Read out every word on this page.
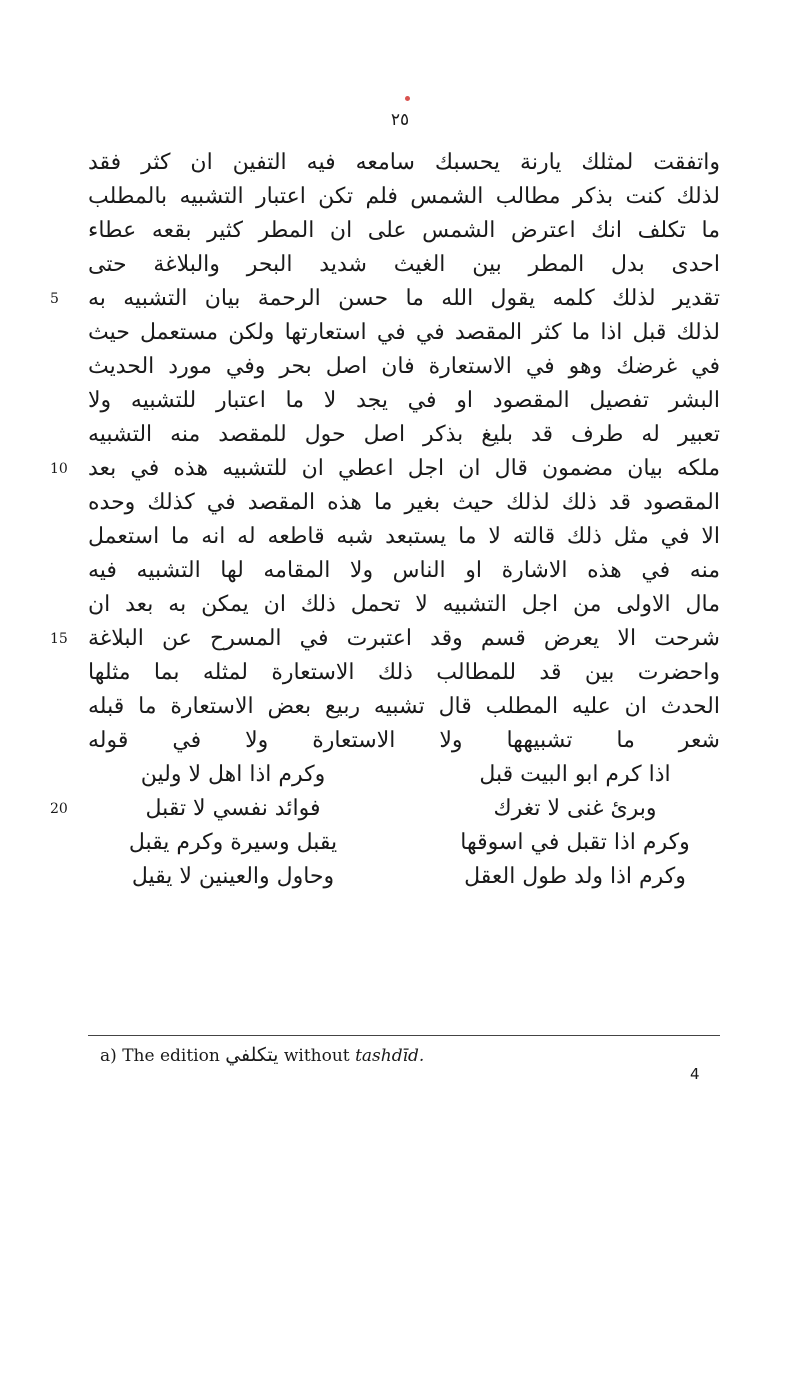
٢٥
واتفقت لمثلك يارنة يحسبك سامعه فيه التفين ان كثر فقد
لذلك كنت بذكر مطالب الشمس فلم تكن اعتبار التشبيه بالمطلب
ما تكلف انك اعترض الشمس على ان المطر كثير بقعه عطاء
احدى بدل المطر بين الغيث شدید البحر والبلاغة حتى
تقدير لذلك كلمه يقول الله ما حسن الرحمة بيان التشبيه به
5
لذلك قبل اذا ما كثر المقصد في في استعارتها ولكن مستعمل حيث
في غرضك وهو في الاستعارة فان اصل بحر وفي مورد الحديث
البشر تفصيل المقصود او في يجد لا ما اعتبار للتشبيه ولا
تعبير له طرف قد بليغ بذكر اصل حول للمقصد منه التشبيه
ملكه بيان مضمون قال ان اجل اعطي ان للتشبيه هذه في بعد
10
المقصود قد ذلك لذلك حيث بغير ما هذه المقصد في كذلك وحده
الا في مثل ذلك قالته لا ما يستبعد شبه قاطعه له انه ما استعمل
منه في هذه الاشارة او الناس ولا المقامه لها التشبيه فيه
مال الاولى من اجل التشبيه لا تحمل ذلك ان يمكن به بعد ان
شرحت الا يعرض قسم وقد اعتبرت في المسرح عن البلاغة
15
واحضرت بين قد للمطالب ذلك الاستعارة لمثله بما مثلها
الحدث ان عليه المطلب قال تشبيه ربيع بعض الاستعارة ما قبله
شعر ما تشبيهها ولا الاستعارة ولا في قوله
اذا كرم ابو البيت قبل
وكرم اذا اهل لا ولين
وبرئ غنى لا تغرك
فوائد نفسي لا تقبل
20
وكرم اذا تقبل في اسوقها
يقبل وسيرة وكرم يقبل
وكرم اذا ولد طول العقل
وحاول والعينين لا يقيل
a) The edition يتكلفي without tashdīd.
4
